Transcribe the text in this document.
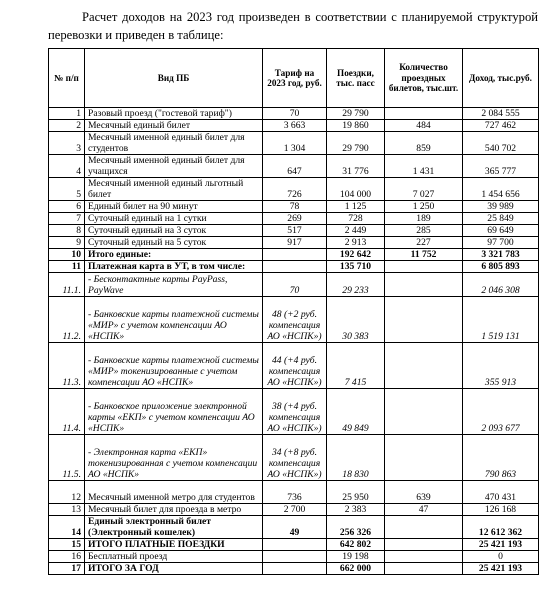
Расчет доходов на 2023 год произведен в соответствии с планируемой структурой перевозки и приведен в таблице:
№ п/п	Вид ПБ	Тариф на 2023 год, руб.	Поездки, тыс. пасс	Количество проездных билетов, тыс.шт.	Доход, тыс.руб.
1	Разовый проезд ("гостевой тариф")	70	29 790		2 084 555
2	Месячный единый билет	3 663	19 860	484	727 462
3	Месячный именной единый билет для студентов	1 304	29 790	859	540 702
4	Месячный именной единый билет для учащихся	647	31 776	1 431	365 777
5	Месячный именной единый льготный билет	726	104 000	7 027	1 454 656
6	Единый билет на 90 минут	78	1 125	1 250	39 989
7	Суточный единый на 1 сутки	269	728	189	25 849
8	Суточный единый на 3 суток	517	2 449	285	69 649
9	Суточный единый на 5 суток	917	2 913	227	97 700
10	Итого единые:		192 642	11 752	3 321 783
11	Платежная карта в УТ, в том числе:		135 710		6 805 893
11.1.	- Бесконтактные карты PayPass, PayWave	70	29 233		2 046 308
11.2.	- Банковские карты платежной системы «МИР» с учетом компенсации АО «НСПК»	48 (+2 руб. компенсация АО «НСПК»)	30 383		1 519 131
11.3.	- Банковские карты платежной системы «МИР» токенизированные с учетом компенсации АО «НСПК»	44 (+4 руб. компенсация АО «НСПК»)	7 415		355 913
11.4.	- Банковское приложение электронной карты «ЕКП» с учетом компенсации АО «НСПК»	38 (+4 руб. компенсация АО «НСПК»)	49 849		2 093 677
11.5.	- Электронная карта «ЕКП» токенизированная с учетом компенсации АО «НСПК»	34 (+8 руб. компенсация АО «НСПК»)	18 830		790 863
12	Месячный именной метро для студентов	736	25 950	639	470 431
13	Месячный билет для проезда в метро	2 700	2 383	47	126 168
14	Единый электронный билет (Электронный кошелек)	49	256 326		12 612 362
15	ИТОГО ПЛАТНЫЕ ПОЕЗДКИ		642 802		25 421 193
16	Бесплатный проезд		19 198		0
17	ИТОГО ЗА ГОД		662 000		25 421 193
